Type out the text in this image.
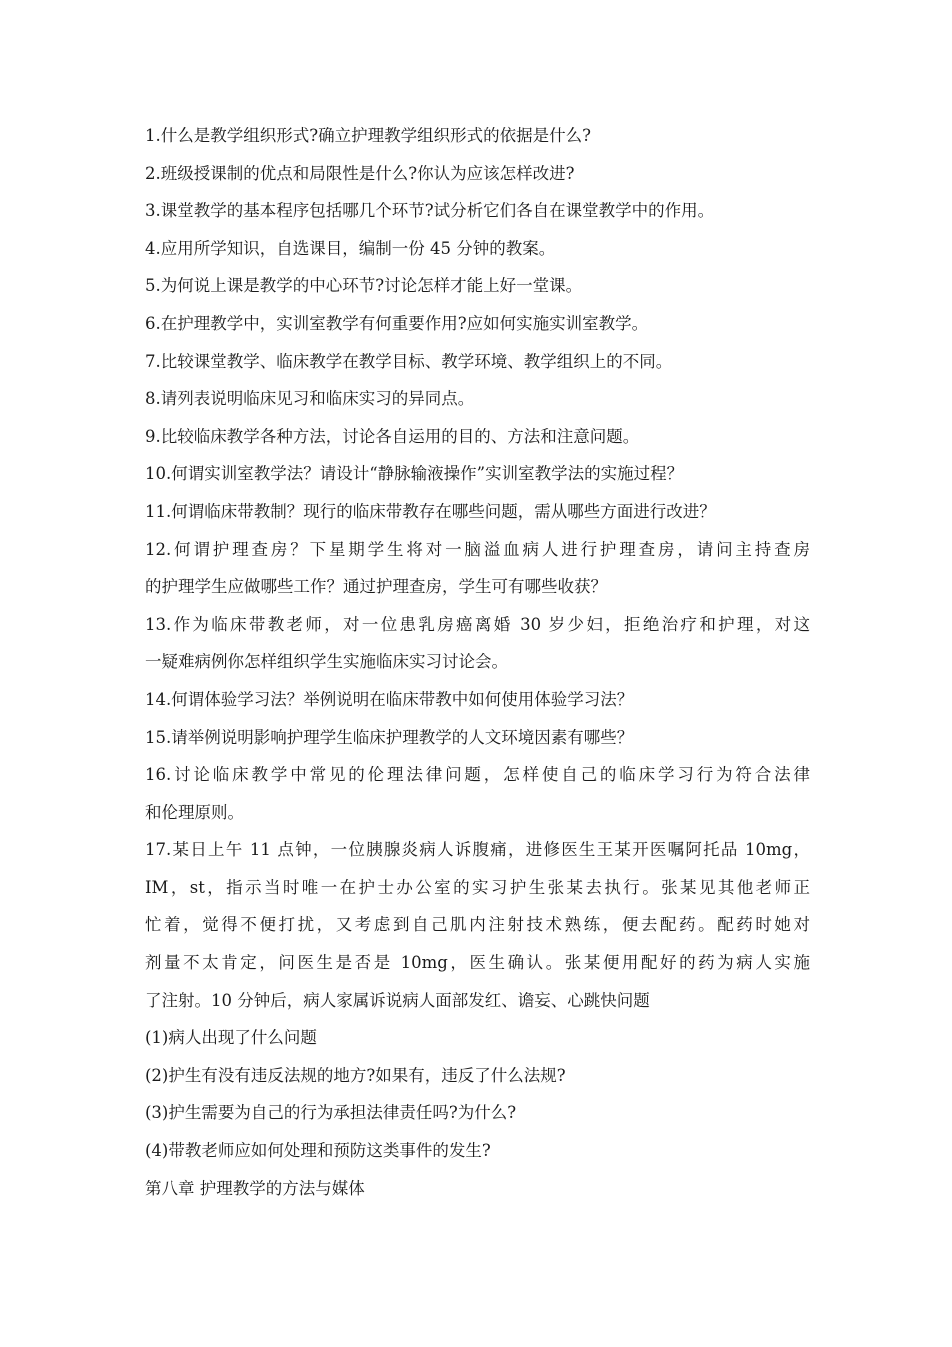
1.什么是教学组织形式?确立护理教学组织形式的依据是什么?
2.班级授课制的优点和局限性是什么?你认为应该怎样改进?
3.课堂教学的基本程序包括哪几个环节?试分析它们各自在课堂教学中的作用。
4.应用所学知识，自选课目，编制一份 45 分钟的教案。
5.为何说上课是教学的中心环节?讨论怎样才能上好一堂课。
6.在护理教学中，实训室教学有何重要作用?应如何实施实训室教学。
7.比较课堂教学、临床教学在教学目标、教学环境、教学组织上的不同。
8.请列表说明临床见习和临床实习的异同点。
9.比较临床教学各种方法，讨论各自运用的目的、方法和注意问题。
10.何谓实训室教学法？请设计“静脉输液操作”实训室教学法的实施过程？
11.何谓临床带教制？现行的临床带教存在哪些问题，需从哪些方面进行改进？
12.何谓护理查房？下星期学生将对一脑溢血病人进行护理查房，请问主持查房
的护理学生应做哪些工作？通过护理查房，学生可有哪些收获？
13.作为临床带教老师，对一位患乳房癌离婚 30 岁少妇，拒绝治疗和护理，对这
一疑难病例你怎样组织学生实施临床实习讨论会。
14.何谓体验学习法？举例说明在临床带教中如何使用体验学习法？
15.请举例说明影响护理学生临床护理教学的人文环境因素有哪些？
16.讨论临床教学中常见的伦理法律问题，怎样使自己的临床学习行为符合法律
和伦理原则。
17.某日上午 11 点钟，一位胰腺炎病人诉腹痛，进修医生王某开医嘱阿托品 10mg，
IM，st，指示当时唯一在护士办公室的实习护生张某去执行。张某见其他老师正
忙着，觉得不便打扰，又考虑到自己肌内注射技术熟练，便去配药。配药时她对
剂量不太肯定，问医生是否是 10mg，医生确认。张某便用配好的药为病人实施
了注射。10 分钟后，病人家属诉说病人面部发红、谵妄、心跳快问题
(1)病人出现了什么问题
(2)护生有没有违反法规的地方?如果有，违反了什么法规?
(3)护生需要为自己的行为承担法律责任吗?为什么?
(4)带教老师应如何处理和预防这类事件的发生?
第八章 护理教学的方法与媒体
